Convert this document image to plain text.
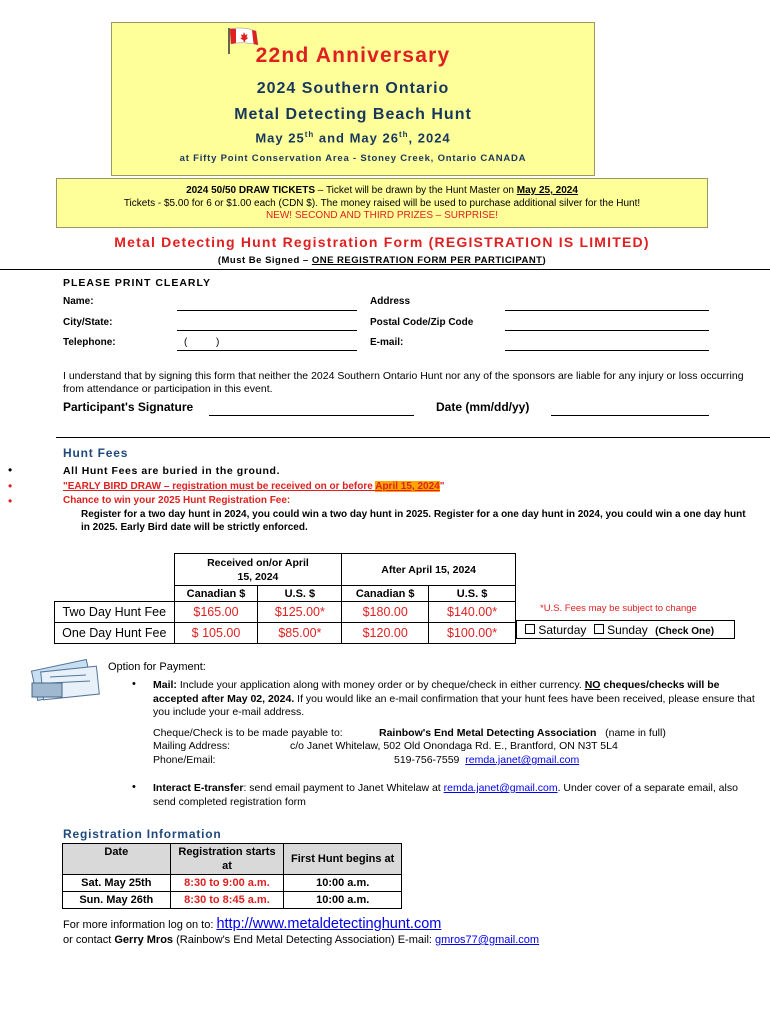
22nd Anniversary
2024 Southern Ontario
Metal Detecting Beach Hunt
May 25th and May 26th, 2024
at Fifty Point Conservation Area - Stoney Creek, Ontario CANADA
2024 50/50 DRAW TICKETS – Ticket will be drawn by the Hunt Master on May 25, 2024
Tickets - $5.00 for 6 or $1.00 each (CDN $). The money raised will be used to purchase additional silver for the Hunt!
NEW! SECOND AND THIRD PRIZES – SURPRISE!
Metal Detecting Hunt Registration Form (REGISTRATION IS LIMITED)
(Must Be Signed – ONE REGISTRATION FORM PER PARTICIPANT)
PLEASE PRINT CLEARLY
Name:	Address
City/State:	Postal Code/Zip Code
Telephone:	(	)	E-mail:
I understand that by signing this form that neither the 2024 Southern Ontario Hunt nor any of the sponsors are liable for any injury or loss occurring from attendance or participation in this event.
Participant's Signature	Date (mm/dd/yy)
Hunt Fees
•	All Hunt Fees are buried in the ground.
•	"EARLY BIRD DRAW – registration must be received on or before April 15, 2024"
•	Chance to win your 2025 Hunt Registration Fee:
Register for a two day hunt in 2024, you could win a two day hunt in 2025. Register for a one day hunt in 2024, you could win a one day hunt in 2025. Early Bird date will be strictly enforced.
	Received on/or April 15, 2024		After April 15, 2024	
	Canadian $	U.S. $	Canadian $	U.S. $
Two Day Hunt Fee	$165.00	$125.00*	$180.00	$140.00*
One Day Hunt Fee	$ 105.00	$85.00*	$120.00	$100.00*
*U.S. Fees may be subject to change
Saturday Sunday (Check One)
Option for Payment:
• Mail: Include your application along with money order or by cheque/check in either currency. NO cheques/checks will be accepted after May 02, 2024. If you would like an e-mail confirmation that your hunt fees have been received, please ensure that you include your e-mail address.
Cheque/Check is to be made payable to:	Rainbow's End Metal Detecting Association (name in full)
Mailing Address:	c/o Janet Whitelaw, 502 Old Onondaga Rd. E., Brantford, ON N3T 5L4
Phone/Email:	519-756-7559 remda.janet@gmail.com
• Interact E-transfer: send email payment to Janet Whitelaw at remda.janet@gmail.com. Under cover of a separate email, also send completed registration form
Registration Information
Date	Registration starts at	First Hunt begins at
Sat. May 25th	8:30 to 9:00 a.m.	10:00 a.m.
Sun. May 26th	8:30 to 8:45 a.m.	10:00 a.m.
For more information log on to: http://www.metaldetectinghunt.com
or contact Gerry Mros (Rainbow's End Metal Detecting Association) E-mail: gmros77@gmail.com
